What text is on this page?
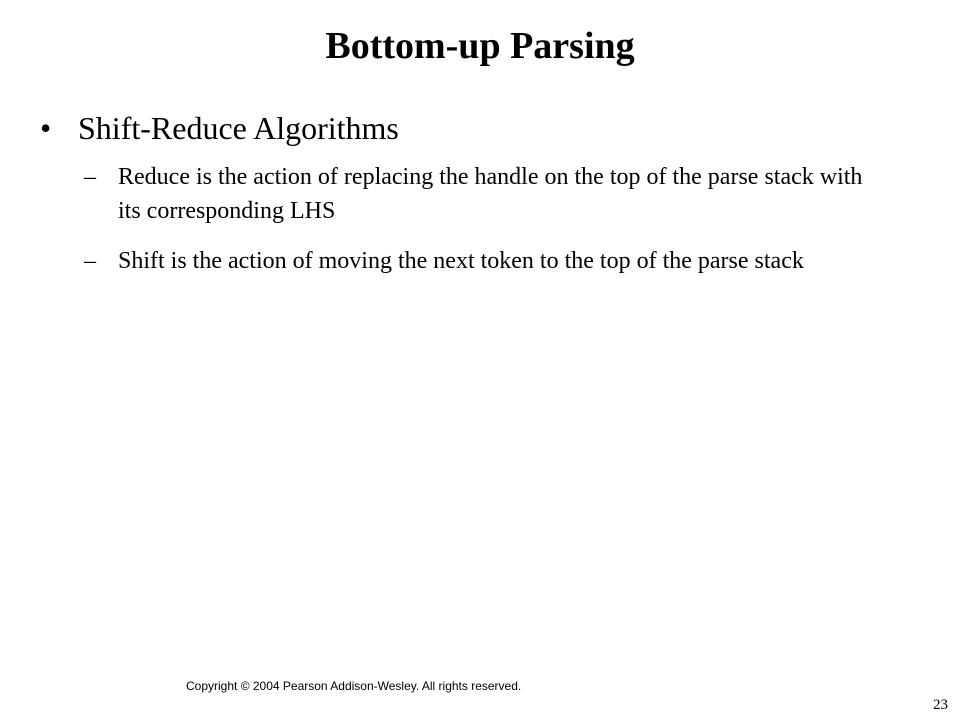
Bottom-up Parsing
• Shift-Reduce Algorithms
– Reduce is the action of replacing the handle on the top of the parse stack with its corresponding LHS
– Shift is the action of moving the next token to the top of the parse stack
Copyright © 2004 Pearson Addison-Wesley. All rights reserved.
23
